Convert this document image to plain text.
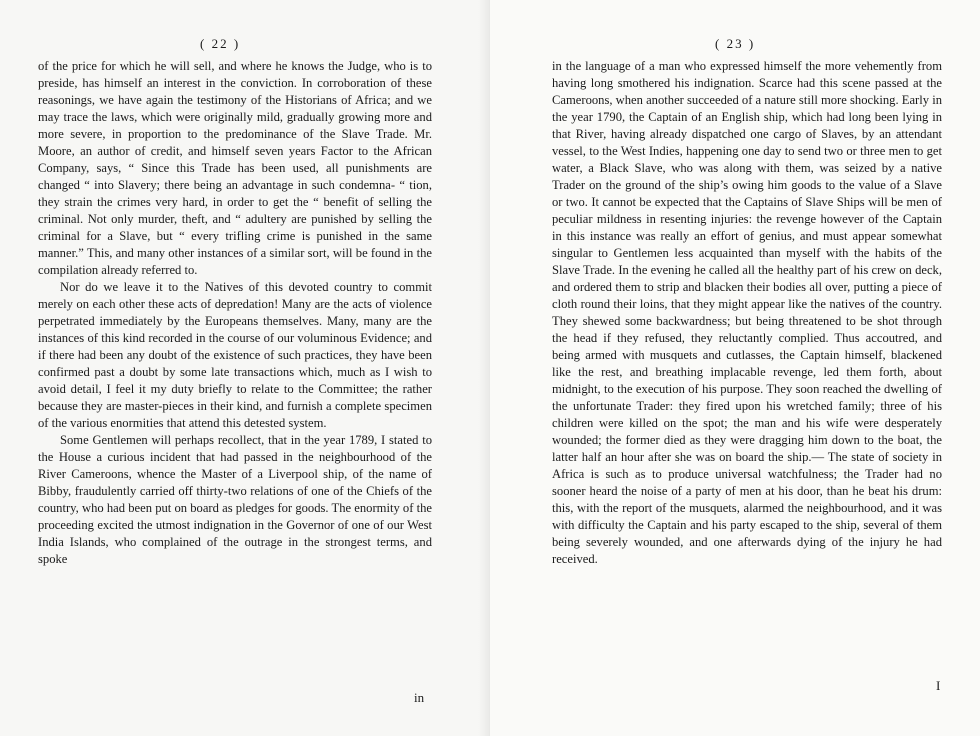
( 22 )

of the price for which he will sell, and where he knows the Judge, who is to preside, has himself an interest in the conviction. In corroboration of these reasonings, we have again the testimony of the Historians of Africa; and we may trace the laws, which were originally mild, gradually growing more and more severe, in proportion to the predominance of the Slave Trade. Mr. Moore, an author of credit, and himself seven years Factor to the African Company, says, “ Since this Trade has been used, all punishments are changed “ into Slavery; there being an advantage in such condemna- “ tion, they strain the crimes very hard, in order to get the “ benefit of selling the criminal. Not only murder, theft, and “ adultery are punished by selling the criminal for a Slave, but “ every trifling crime is punished in the same manner.” This, and many other instances of a similar sort, will be found in the compilation already referred to.

Nor do we leave it to the Natives of this devoted country to commit merely on each other these acts of depredation! Many are the acts of violence perpetrated immediately by the Europeans themselves. Many, many are the instances of this kind recorded in the course of our voluminous Evidence; and if there had been any doubt of the existence of such practices, they have been confirmed past a doubt by some late transactions which, much as I wish to avoid detail, I feel it my duty briefly to relate to the Committee; the rather because they are master-pieces in their kind, and furnish a complete specimen of the various enormities that attend this detested system.

Some Gentlemen will perhaps recollect, that in the year 1789, I stated to the House a curious incident that had passed in the neighbourhood of the River Cameroons, whence the Master of a Liverpool ship, of the name of Bibby, fraudulently carried off thirty-two relations of one of the Chiefs of the country, who had been put on board as pledges for goods. The enormity of the proceeding excited the utmost indignation in the Governor of one of our West India Islands, who complained of the outrage in the strongest terms, and spoke

in
( 23 )

in the language of a man who expressed himself the more vehemently from having long smothered his indignation. Scarce had this scene passed at the Cameroons, when another succeeded of a nature still more shocking. Early in the year 1790, the Captain of an English ship, which had long been lying in that River, having already dispatched one cargo of Slaves, by an attendant vessel, to the West Indies, happening one day to send two or three men to get water, a Black Slave, who was along with them, was seized by a native Trader on the ground of the ship’s owing him goods to the value of a Slave or two. It cannot be expected that the Captains of Slave Ships will be men of peculiar mildness in resenting injuries: the revenge however of the Captain in this instance was really an effort of genius, and must appear somewhat singular to Gentlemen less acquainted than myself with the habits of the Slave Trade. In the evening he called all the healthy part of his crew on deck, and ordered them to strip and blacken their bodies all over, putting a piece of cloth round their loins, that they might appear like the natives of the country. They shewed some backwardness; but being threatened to be shot through the head if they refused, they reluctantly complied. Thus accoutred, and being armed with musquets and cutlasses, the Captain himself, blackened like the rest, and breathing implacable revenge, led them forth, about midnight, to the execution of his purpose. They soon reached the dwelling of the unfortunate Trader: they fired upon his wretched family; three of his children were killed on the spot; the man and his wife were desperately wounded; the former died as they were dragging him down to the boat, the latter half an hour after she was on board the ship.— The state of society in Africa is such as to produce universal watchfulness; the Trader had no sooner heard the noise of a party of men at his door, than he beat his drum: this, with the report of the musquets, alarmed the neighbourhood, and it was with difficulty the Captain and his party escaped to the ship, several of them being severely wounded, and one afterwards dying of the injury he had received.

I
